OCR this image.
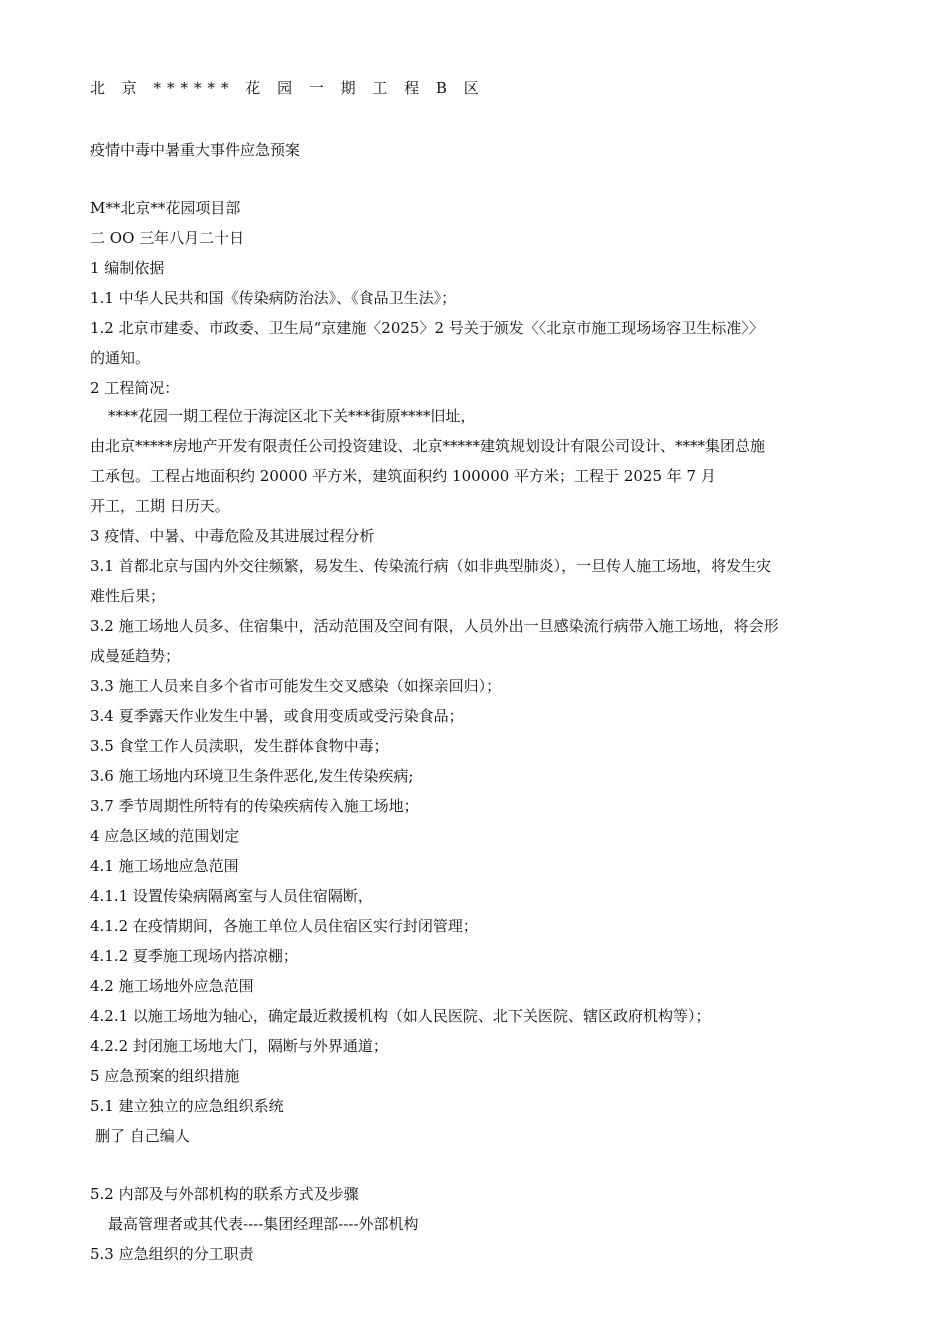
北 京 ****** 花 园 一 期 工 程 B 区
疫情中毒中暑重大事件应急预案
M**北京**花园项目部
二 OO 三年八月二十日
1 编制依据
1.1 中华人民共和国《传染病防治法》、《食品卫生法》；
1.2 北京市建委、市政委、卫生局“京建施〈2025〉2 号关于颁发〈〈北京市施工现场场容卫生标准〉〉
的通知。
2 工程简况：
****花园一期工程位于海淀区北下关***街原****旧址，
由北京*****房地产开发有限责任公司投资建设、北京*****建筑规划设计有限公司设计、****集团总施
工承包。工程占地面积约 20000 平方米，建筑面积约 100000 平方米；工程于 2025 年 7 月
开工，工期 日历天。
3 疫情、中暑、中毒危险及其进展过程分析
3.1 首都北京与国内外交往频繁，易发生、传染流行病（如非典型肺炎），一旦传人施工场地，将发生灾
难性后果；
3.2 施工场地人员多、住宿集中，活动范围及空间有限，人员外出一旦感染流行病带入施工场地，将会形
成曼延趋势；
3.3 施工人员来自多个省市可能发生交叉感染（如探亲回归）；
3.4 夏季露天作业发生中暑，或食用变质或受污染食品；
3.5 食堂工作人员渎职，发生群体食物中毒；
3.6 施工场地内环境卫生条件恶化,发生传染疾病;
3.7 季节周期性所特有的传染疾病传入施工场地；
4 应急区域的范围划定
4.1 施工场地应急范围
4.1.1 设置传染病隔离室与人员住宿隔断，
4.1.2 在疫情期间，各施工单位人员住宿区实行封闭管理；
4.1.2 夏季施工现场内搭凉棚；
4.2 施工场地外应急范围
4.2.1 以施工场地为轴心，确定最近救援机构（如人民医院、北下关医院、辖区政府机构等）；
4.2.2 封闭施工场地大门，隔断与外界通道；
5 应急预案的组织措施
5.1 建立独立的应急组织系统
删了 自己编人
5.2 内部及与外部机构的联系方式及步骤
最高管理者或其代表----集团经理部----外部机构
5.3 应急组织的分工职责
